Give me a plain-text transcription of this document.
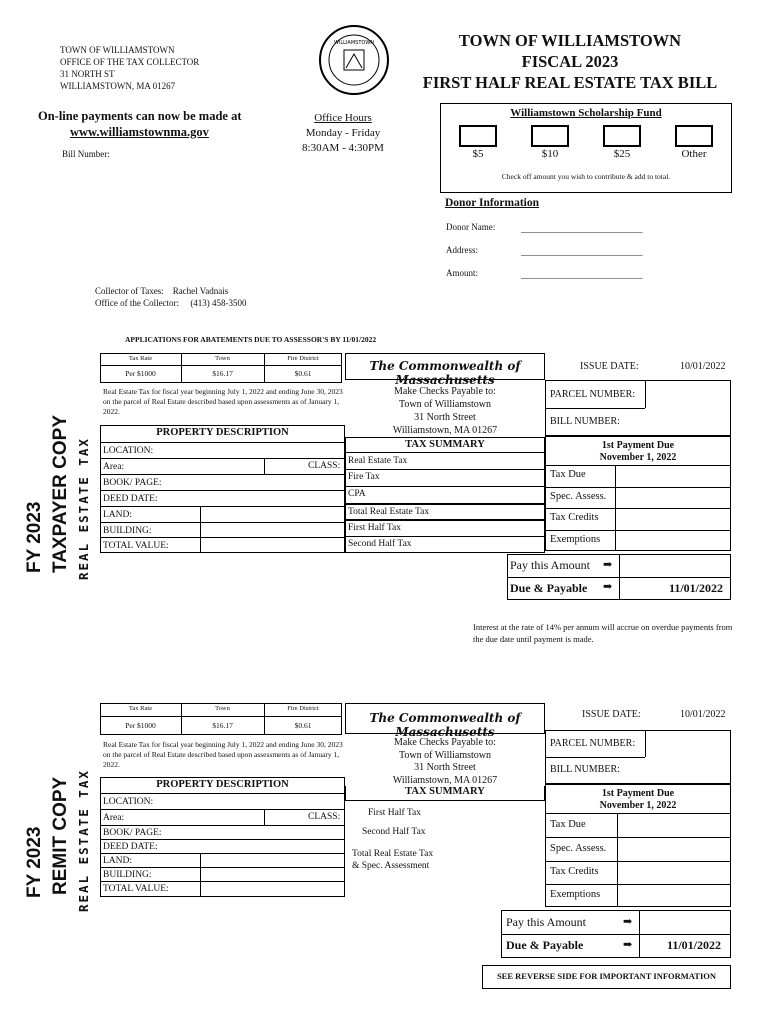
TOWN OF WILLIAMSTOWN
OFFICE OF THE TAX COLLECTOR
31 NORTH ST
WILLIAMSTOWN, MA 01267
WILLIAMSTOWN	TOWN OF WILLIAMSTOWN
FISCAL 2023
FIRST HALF REAL ESTATE TAX BILL
On-line payments can now be made at
www.williamstownma.gov
Bill Number:
Office Hours
Monday - Friday
8:30AM - 4:30PM
Williamstown Scholarship Fund
$5	$10	$25	Other
Check off amount you wish to contribute & add to total.
Donor Information
Donor Name:	___________________________
Address:	___________________________
Amount:	___________________________
Collector of Taxes: Rachel Vadnais
Office of the Collector: (413) 458-3500
APPLICATIONS FOR ABATEMENTS DUE TO ASSESSOR'S BY 11/01/2022
FY 2023 TAXPAYER COPY REAL ESTATE TAX
Tax Rate	Town	Fire District
Per $1000	$16.17	$0.61
Real Estate Tax for fiscal year beginning July 1, 2022 and ending June 30, 2023 on the parcel of Real Estate described based upon assessments as of January 1, 2022.
PROPERTY DESCRIPTION
LOCATION:
Area:	CLASS:
BOOK/ PAGE:
DEED DATE:
LAND:
BUILDING:
TOTAL VALUE:
The Commonwealth of Massachusetts
Make Checks Payable to:
Town of Williamstown
31 North Street
Williamstown, MA 01267
TAX SUMMARY
Real Estate Tax
Fire Tax
CPA
Total Real Estate Tax
First Half Tax
Second Half Tax
ISSUE DATE:	10/01/2022
PARCEL NUMBER:
BILL NUMBER:
1st Payment Due
November 1, 2022
Tax Due
Spec. Assess.
Tax Credits
Exemptions
Pay this Amount ➡
Due & Payable ➡	11/01/2022
Interest at the rate of 14% per annum will accrue on overdue payments from the due date until payment is made.
FY 2023 REMIT COPY REAL ESTATE TAX
Tax Rate	Town	Fire District
Per $1000	$16.17	$0.61
Real Estate Tax for fiscal year beginning July 1, 2022 and ending June 30, 2023 on the parcel of Real Estate described based upon assessments as of January 1, 2022.
PROPERTY DESCRIPTION
LOCATION:
Area:	CLASS:
BOOK/ PAGE:
DEED DATE:
LAND:
BUILDING:
TOTAL VALUE:
The Commonwealth of Massachusetts
Make Checks Payable to:
Town of Williamstown
31 North Street
Williamstown, MA 01267
TAX SUMMARY
First Half Tax
Second Half Tax
Total Real Estate Tax
& Spec. Assessment
ISSUE DATE:	10/01/2022
PARCEL NUMBER:
BILL NUMBER:
1st Payment Due
November 1, 2022
Tax Due
Spec. Assess.
Tax Credits
Exemptions
Pay this Amount	➡
Due & Payable	➡	11/01/2022
SEE REVERSE SIDE FOR IMPORTANT INFORMATION
